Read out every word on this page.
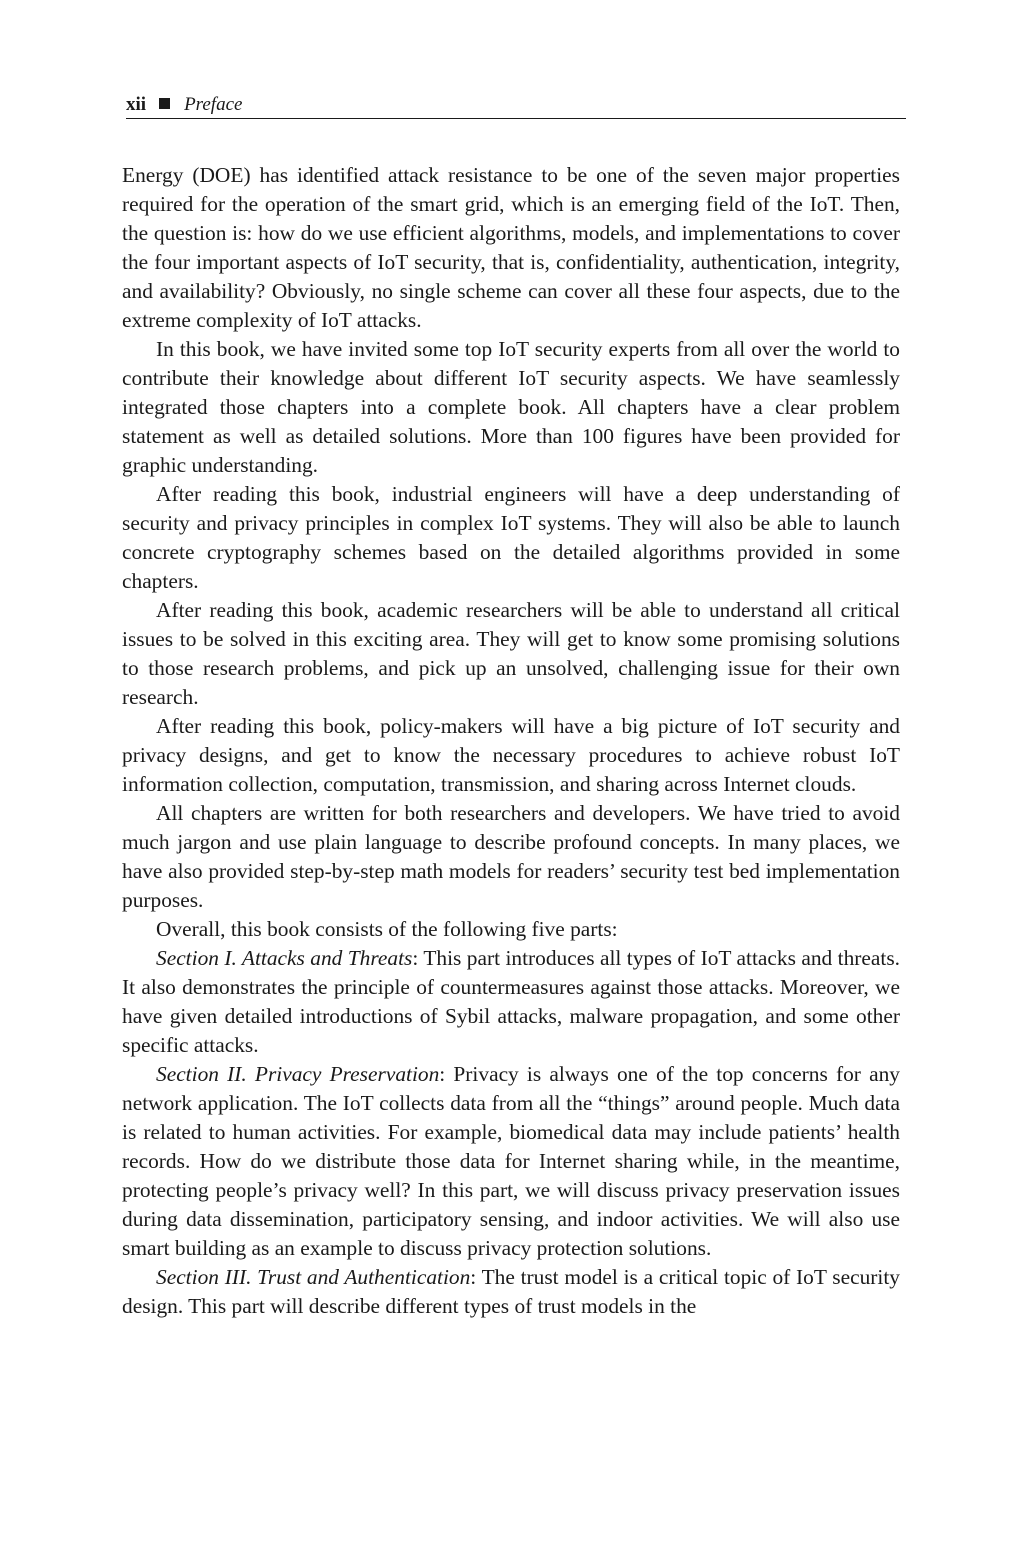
xii Preface

Energy (DOE) has identified attack resistance to be one of the seven major properties required for the operation of the smart grid, which is an emerging field of the IoT. Then, the question is: how do we use efficient algorithms, models, and implementations to cover the four important aspects of IoT security, that is, confidentiality, authentication, integrity, and availability? Obviously, no single scheme can cover all these four aspects, due to the extreme complexity of IoT attacks.

In this book, we have invited some top IoT security experts from all over the world to contribute their knowledge about different IoT security aspects. We have seamlessly integrated those chapters into a complete book. All chapters have a clear problem statement as well as detailed solutions. More than 100 figures have been provided for graphic understanding.

After reading this book, industrial engineers will have a deep understanding of security and privacy principles in complex IoT systems. They will also be able to launch concrete cryptography schemes based on the detailed algorithms provided in some chapters.

After reading this book, academic researchers will be able to understand all critical issues to be solved in this exciting area. They will get to know some promising solutions to those research problems, and pick up an unsolved, challenging issue for their own research.

After reading this book, policy-makers will have a big picture of IoT security and privacy designs, and get to know the necessary procedures to achieve robust IoT information collection, computation, transmission, and sharing across Internet clouds.

All chapters are written for both researchers and developers. We have tried to avoid much jargon and use plain language to describe profound concepts. In many places, we have also provided step-by-step math models for readers’ security test bed implementation purposes.

Overall, this book consists of the following five parts:

Section I. Attacks and Threats: This part introduces all types of IoT attacks and threats. It also demonstrates the principle of countermeasures against those attacks. Moreover, we have given detailed introductions of Sybil attacks, malware propagation, and some other specific attacks.

Section II. Privacy Preservation: Privacy is always one of the top concerns for any network application. The IoT collects data from all the “things” around people. Much data is related to human activities. For example, biomedical data may include patients’ health records. How do we distribute those data for Internet sharing while, in the meantime, protecting people’s privacy well? In this part, we will discuss privacy preservation issues during data dissemination, participatory sensing, and indoor activities. We will also use smart building as an example to discuss privacy protection solutions.

Section III. Trust and Authentication: The trust model is a critical topic of IoT security design. This part will describe different types of trust models in the
